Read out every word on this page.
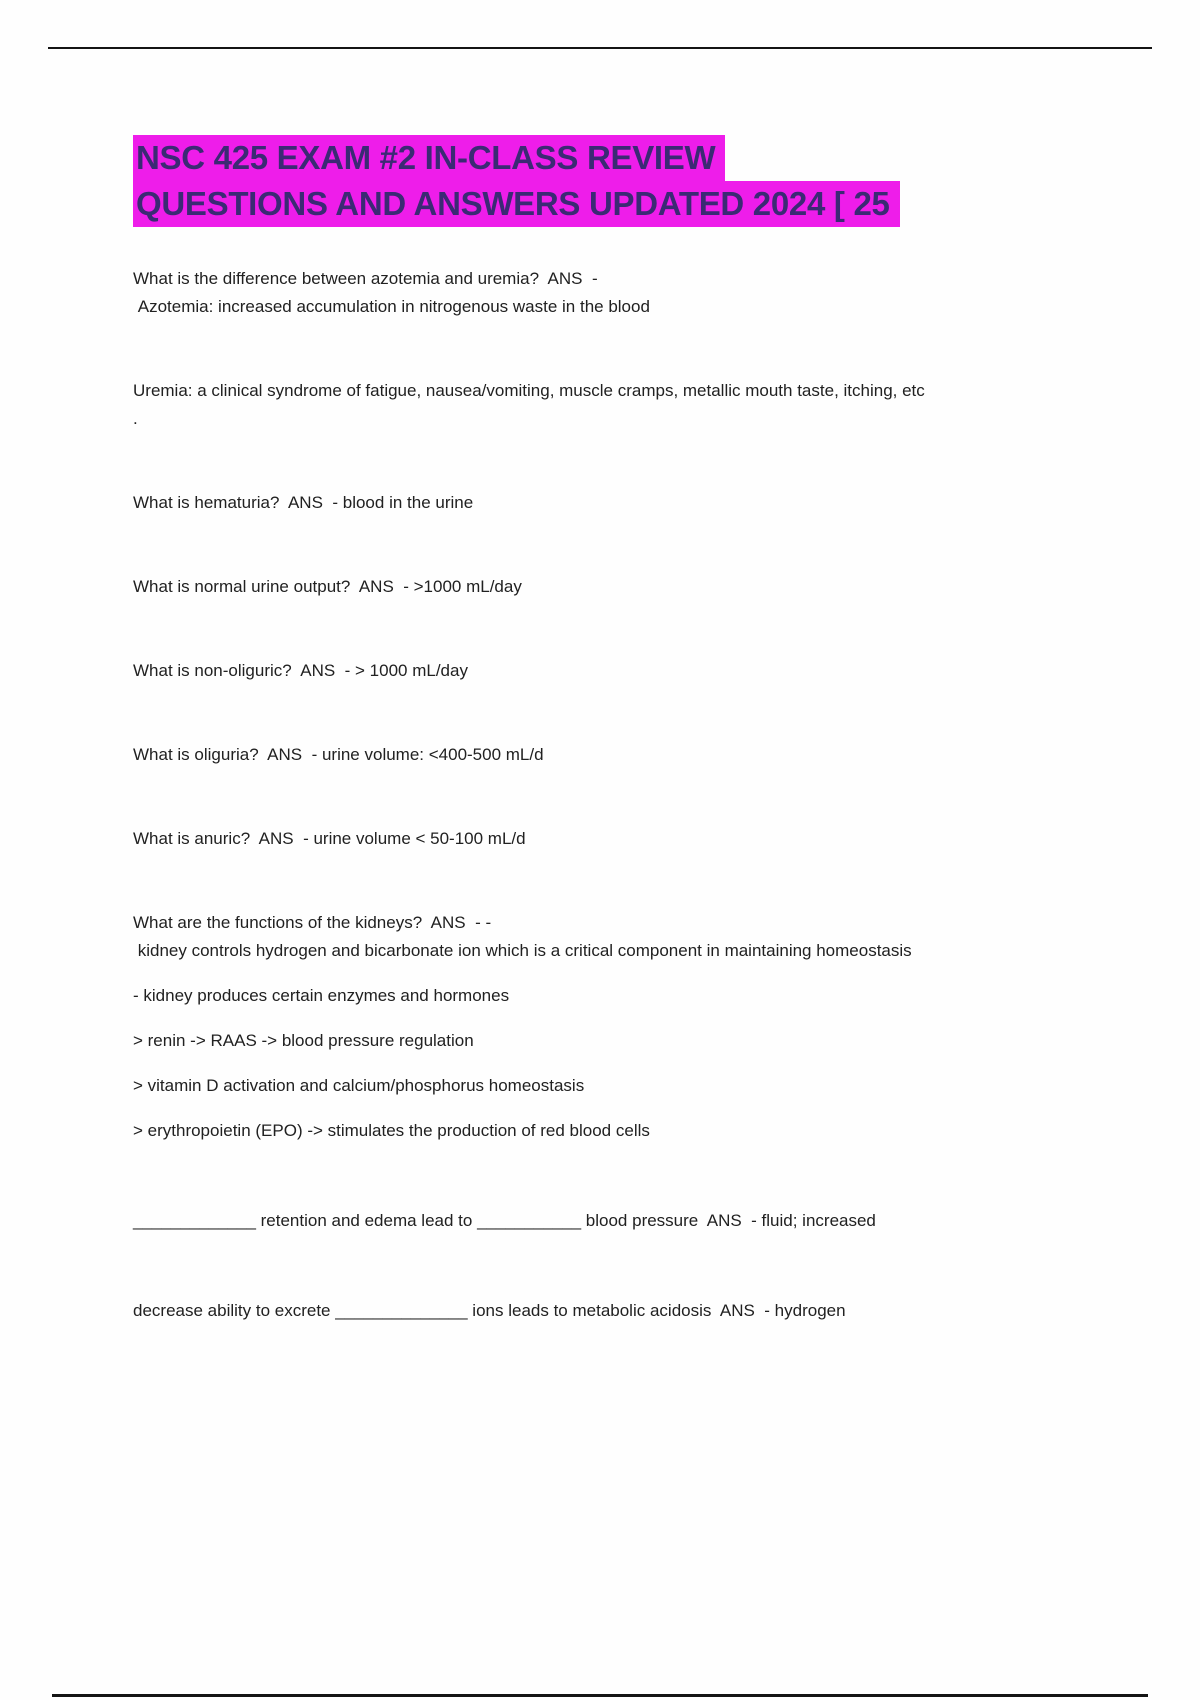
NSC 425 EXAM #2 IN-CLASS REVIEW
QUESTIONS AND ANSWERS UPDATED 2024 [ 25

What is the difference between azotemia and uremia?  ANS  -
Azotemia: increased accumulation in nitrogenous waste in the blood

Uremia: a clinical syndrome of fatigue, nausea/vomiting, muscle cramps, metallic mouth taste, itching, etc
.

What is hematuria?  ANS  - blood in the urine

What is normal urine output?  ANS  - >1000 mL/day

What is non-oliguric?  ANS  - > 1000 mL/day

What is oliguria?  ANS  - urine volume: <400-500 mL/d

What is anuric?  ANS  - urine volume < 50-100 mL/d

What are the functions of the kidneys?  ANS  - -
kidney controls hydrogen and bicarbonate ion which is a critical component in maintaining homeostasis

- kidney produces certain enzymes and hormones

> renin -> RAAS -> blood pressure regulation

> vitamin D activation and calcium/phosphorus homeostasis

> erythropoietin (EPO) -> stimulates the production of red blood cells

_____________ retention and edema lead to ___________ blood pressure  ANS  - fluid; increased

decrease ability to excrete ______________ ions leads to metabolic acidosis  ANS  - hydrogen
